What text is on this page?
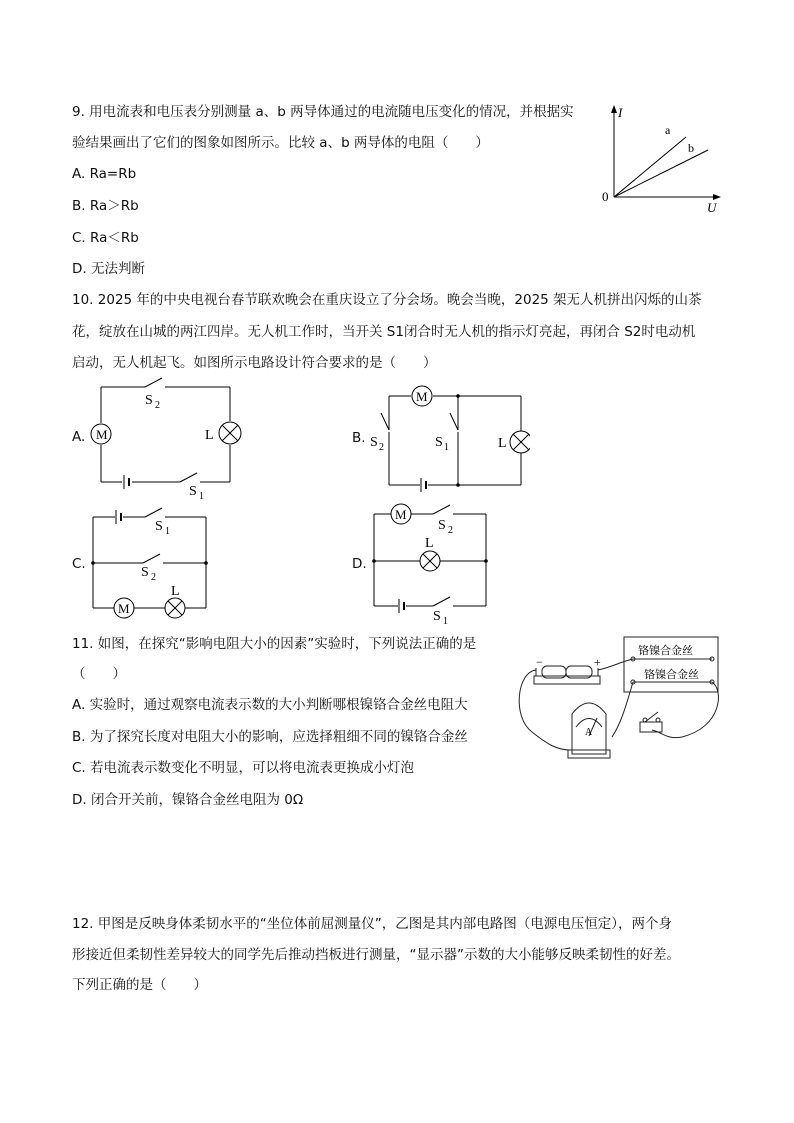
9. 用电流表和电压表分别测量 a、b 两导体通过的电流随电压变化的情况，并根据实
验结果画出了它们的图象如图所示。比较 a、b 两导体的电阻（　　）
A. Ra=Rb
B. Ra＞Rb
C. Ra＜Rb
D. 无法判断
I
U
0
a
b
10. 2025 年的中央电视台春节联欢晚会在重庆设立了分会场。晚会当晚，2025 架无人机拼出闪烁的山茶
花，绽放在山城的两江四岸。无人机工作时，当开关 S1闭合时无人机的指示灯亮起，再闭合 S2时电动机
启动，无人机起飞。如图所示电路设计符合要求的是（　　）
A.	B.
C.	D.
M	L
S 2
S 1
M
S 2	S 1	L
S 1
S 2
M
L
M
S 2
L
S 1
11. 如图，在探究“影响电阻大小的因素”实验时，下列说法正确的是
（　　）
A. 实验时，通过观察电流表示数的大小判断哪根镍铬合金丝电阻大
B. 为了探究长度对电阻大小的影响，应选择粗细不同的镍铬合金丝
C. 若电流表示数变化不明显，可以将电流表更换成小灯泡
D. 闭合开关前，镍铬合金丝电阻为 0Ω
铬镍合金丝
铬镍合金丝
A
−	+
12. 甲图是反映身体柔韧水平的“坐位体前屈测量仪”，乙图是其内部电路图（电源电压恒定），两个身
形接近但柔韧性差异较大的同学先后推动挡板进行测量，“显示器”示数的大小能够反映柔韧性的好差。
下列正确的是（　　）
